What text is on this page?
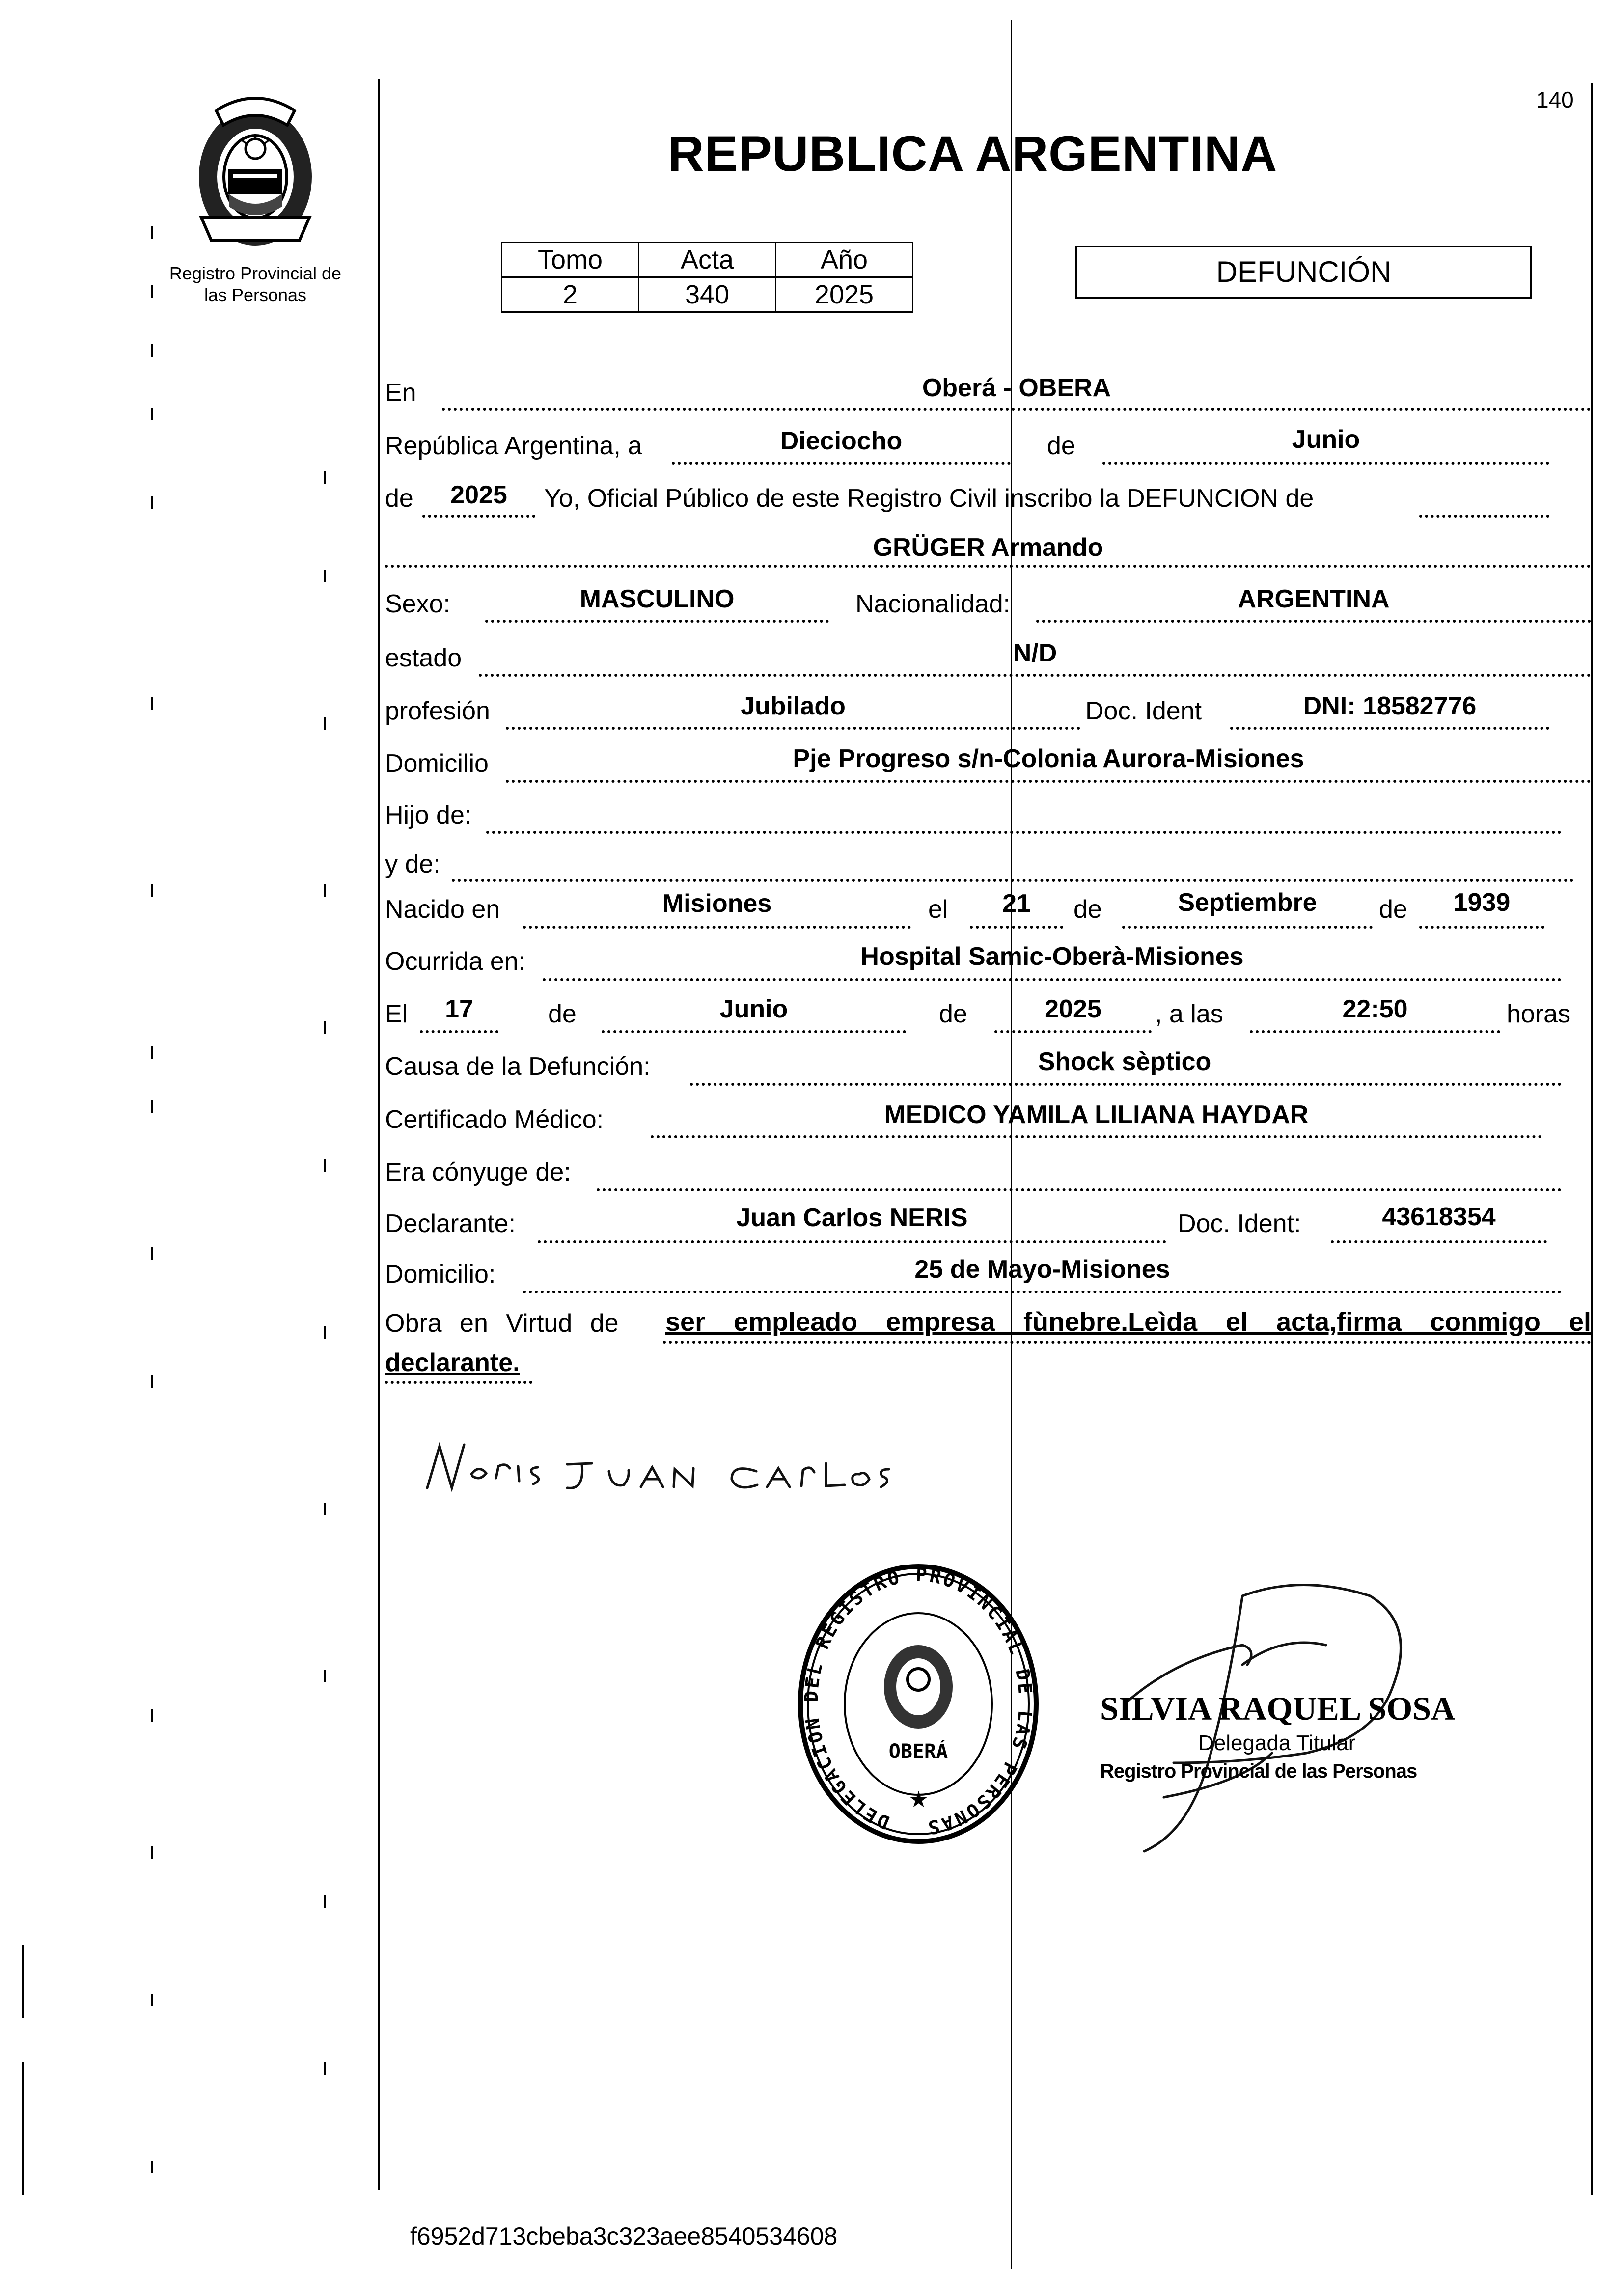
140
Registro Provincial de
las Personas
REPUBLICA ARGENTINA
Tomo	Acta	Año
2	340	2025
DEFUNCIÓN
En	Oberá - OBERA
República Argentina, a	Dieciocho	de	Junio
de	2025	Yo, Oficial Público de este Registro Civil inscribo la DEFUNCION de
GRÜGER Armando
Sexo:	MASCULINO	Nacionalidad:	ARGENTINA
estado	N/D
profesión	Jubilado	Doc. Ident	DNI: 18582776
Domicilio	Pje Progreso s/n-Colonia Aurora-Misiones
Hijo de:
y de:
Nacido en	Misiones	el	21	de	Septiembre	de	1939
Ocurrida en:	Hospital Samic-Oberà-Misiones
El	17	de	Junio	de	2025	, a las	22:50	horas
Causa de la Defunción:	Shock sèptico
Certificado Médico:	MEDICO YAMILA LILIANA HAYDAR
Era cónyuge de:
Declarante:	Juan Carlos NERIS	Doc. Ident:	43618354
Domicilio:	25 de Mayo-Misiones
Obra en Virtud de ser empleado empresa fùnebre.Leìda el acta,firma conmigo el
declarante.
DELEGACION DEL REGISTRO PROVINCIAL DE LAS PERSONAS
OBERÁ
★
SILVIA RAQUEL SOSA
Delegada Titular
Registro Provincial de las Personas
f6952d713cbeba3c323aee8540534608
